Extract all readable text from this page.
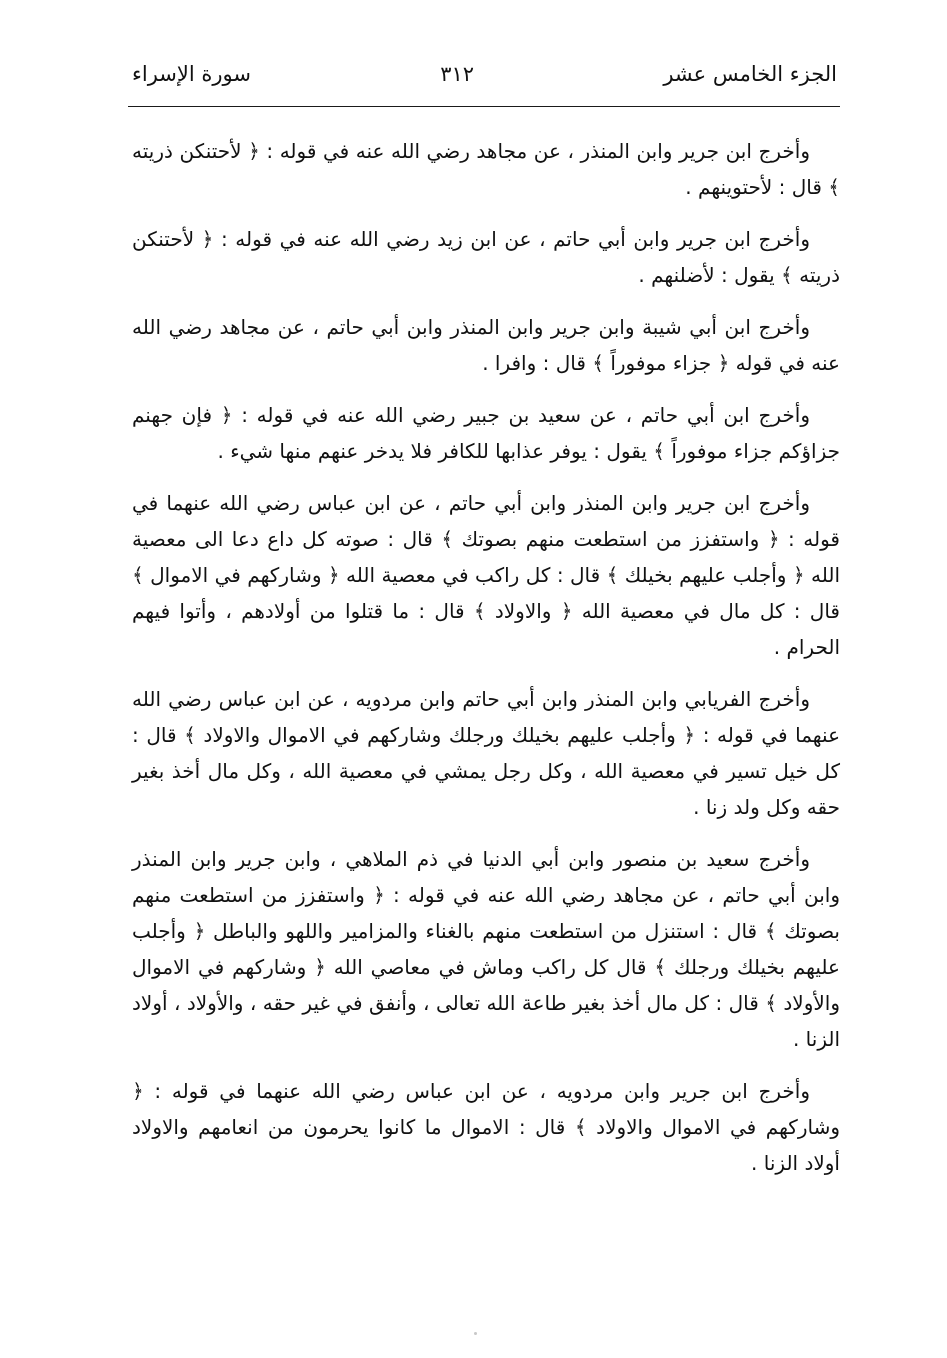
الجزء الخامس عشر
٣١٢
سورة الإسراء

وأخرج ابن جرير وابن المنذر ، عن مجاهد رضي الله عنه في قوله : ﴿ لأحتنكن ذريته ﴾ قال : لأحتوينهم .

وأخرج ابن جرير وابن أبي حاتم ، عن ابن زيد رضي الله عنه في قوله : ﴿ لأحتنكن ذريته ﴾ يقول : لأضلنهم .

وأخرج ابن أبي شيبة وابن جرير وابن المنذر وابن أبي حاتم ، عن مجاهد رضي الله عنه في قوله ﴿ جزاء موفوراً ﴾ قال : وافرا .

وأخرج ابن أبي حاتم ، عن سعيد بن جبير رضي الله عنه في قوله : ﴿ فإن جهنم جزاؤكم جزاء موفوراً ﴾ يقول : يوفر عذابها للكافر فلا يدخر عنهم منها شيء .

وأخرج ابن جرير وابن المنذر وابن أبي حاتم ، عن ابن عباس رضي الله عنهما في قوله : ﴿ واستفزز من استطعت منهم بصوتك ﴾ قال : صوته كل داع دعا الى معصية الله ﴿ وأجلب عليهم بخيلك ﴾ قال : كل راكب في معصية الله ﴿ وشاركهم في الاموال ﴾ قال : كل مال في معصية الله ﴿ والاولاد ﴾ قال : ما قتلوا من أولادهم ، وأتوا فيهم الحرام .

وأخرج الفريابي وابن المنذر وابن أبي حاتم وابن مردويه ، عن ابن عباس رضي الله عنهما في قوله : ﴿ وأجلب عليهم بخيلك ورجلك وشاركهم في الاموال والاولاد ﴾ قال : كل خيل تسير في معصية الله ، وكل رجل يمشي في معصية الله ، وكل مال أخذ بغير حقه وكل ولد زنا .

وأخرج سعيد بن منصور وابن أبي الدنيا في ذم الملاهي ، وابن جرير وابن المنذر وابن أبي حاتم ، عن مجاهد رضي الله عنه في قوله : ﴿ واستفزز من استطعت منهم بصوتك ﴾ قال : استنزل من استطعت منهم بالغناء والمزامير واللهو والباطل ﴿ وأجلب عليهم بخيلك ورجلك ﴾ قال كل راكب وماش في معاصي الله ﴿ وشاركهم في الاموال والأولاد ﴾ قال : كل مال أخذ بغير طاعة الله تعالى ، وأنفق في غير حقه ، والأولاد ، أولاد الزنا .

وأخرج ابن جرير وابن مردويه ، عن ابن عباس رضي الله عنهما في قوله : ﴿ وشاركهم في الاموال والاولاد ﴾ قال : الاموال ما كانوا يحرمون من انعامهم والاولاد أولاد الزنا .
